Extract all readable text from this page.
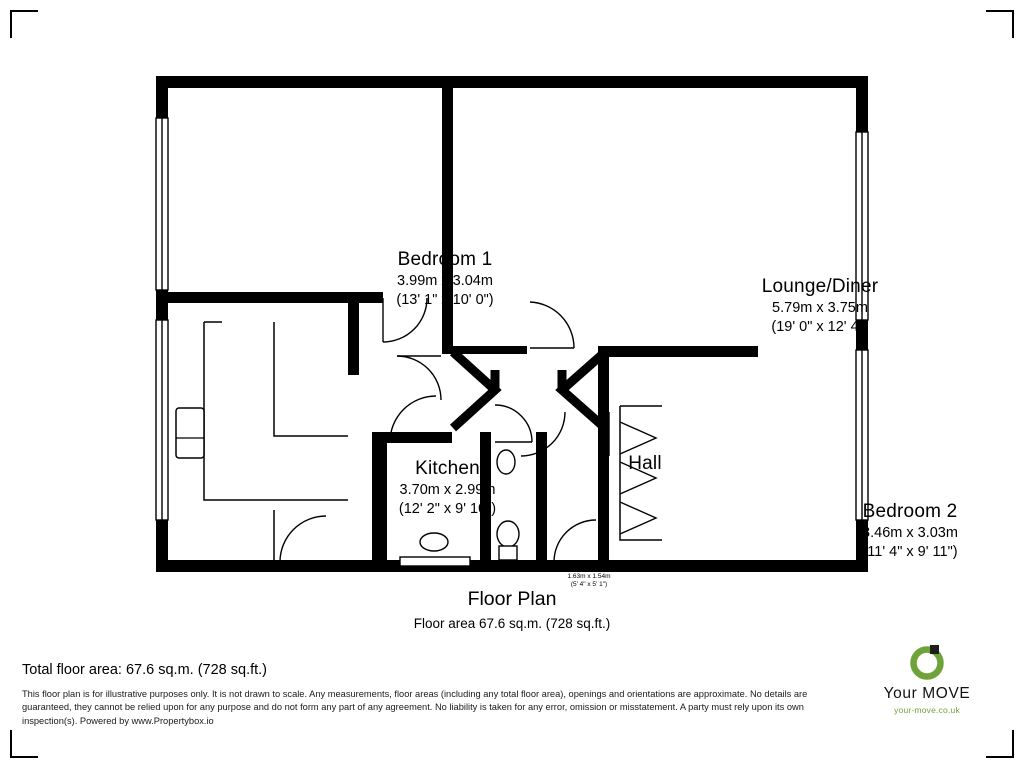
Bedroom 1
3.99m x 3.04m
(13' 1" x 10' 0")
Lounge/Diner
5.79m x 3.75m
(19' 0" x 12' 4")
Kitchen
3.70m x 2.99m
(12' 2" x 9' 10")	Bedroom 2
3.46m x 3.03m
(11' 4" x 9' 11")
Hall
Wet Room
1.63m x 1.54m
(5' 4" x 5' 1")
W.C.
Floor Plan
Floor area 67.6 sq.m. (728 sq.ft.)
Total floor area: 67.6 sq.m. (728 sq.ft.)
This floor plan is for illustrative purposes only. It is not drawn to scale. Any measurements, floor areas (including any total floor area), openings and orientations are approximate. No details are guaranteed, they cannot be relied upon for any purpose and do not form any part of any agreement. No liability is taken for any error, omission or misstatement. A party must rely upon its own inspection(s). Powered by www.Propertybox.io
Your MOVE
your-move.co.uk
